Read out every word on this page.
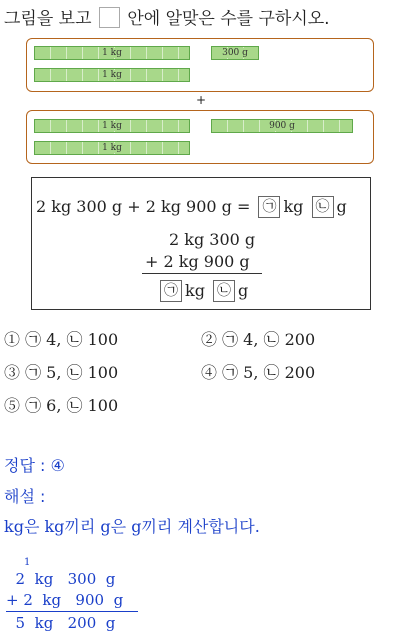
그림을 보고 안에 알맞은 수를 구하시오.
1 kg
1 kg
300 g
+
1 kg
1 kg
900 g
2 kg 300 g + 2 kg 900 g = ㉠ kg ㉡ g
2 kg 300 g
+ 2 kg 900 g
㉠ kg ㉡ g
① ㉠ 4, ㉡ 100	② ㉠ 4, ㉡ 200
③ ㉠ 5, ㉡ 100	④ ㉠ 5, ㉡ 200
⑤ ㉠ 6, ㉡ 100
정답 : ④
해설 :
kg은 kg끼리 g은 g끼리 계산합니다.
1
2  kg   300  g
+ 2  kg   900  g
5  kg   200  g
